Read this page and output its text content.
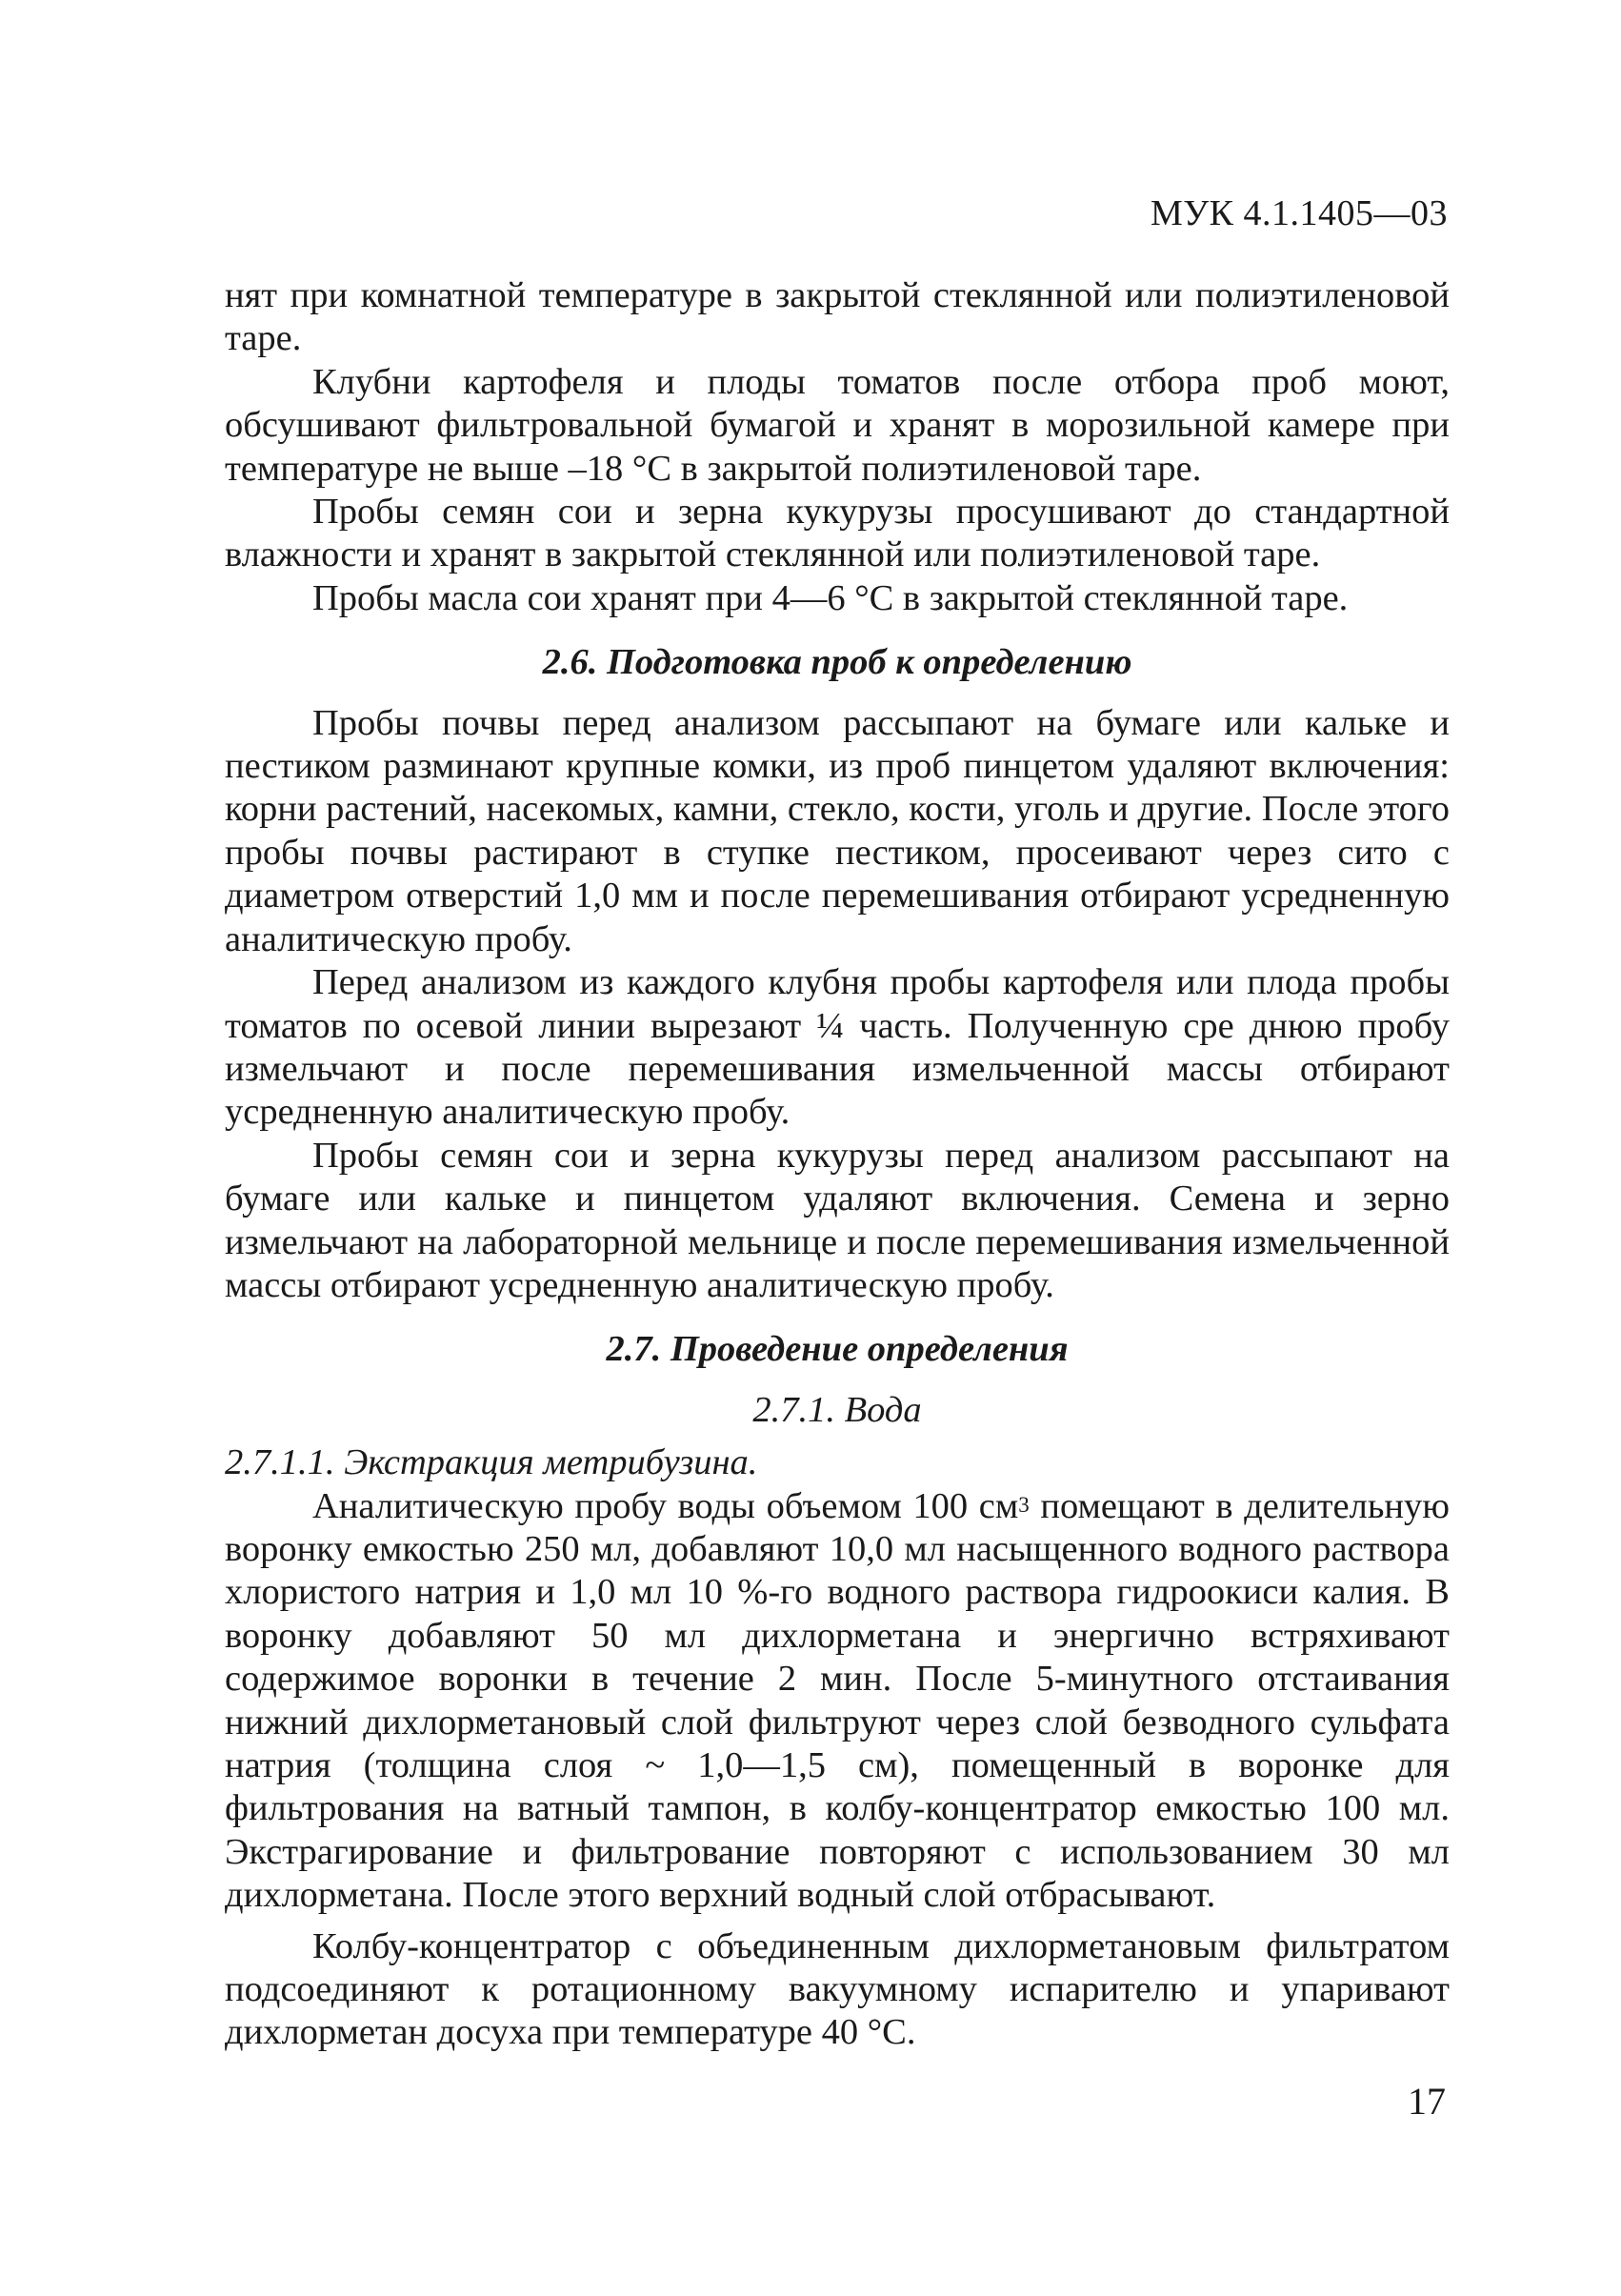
МУК 4.1.1405—03

нят при комнатной температуре в закрытой стеклянной или полиэтиленовой таре.

Клубни картофеля и плоды томатов после отбора проб моют, обсушивают фильтровальной бумагой и хранят в морозильной камере при температуре не выше –18 °С в закрытой полиэтиленовой таре.

Пробы семян сои и зерна кукурузы просушивают до стандартной влажности и хранят в закрытой стеклянной или полиэтиленовой таре.

Пробы масла сои хранят при 4—6 °С в закрытой стеклянной таре.

2.6. Подготовка проб к определению

Пробы почвы перед анализом рассыпают на бумаге или кальке и пестиком разминают крупные комки, из проб пинцетом удаляют включения: корни растений, насекомых, камни, стекло, кости, уголь и другие. После этого пробы почвы растирают в ступке пестиком, просеивают через сито с диаметром отверстий 1,0 мм и после перемешивания отбирают усредненную аналитическую пробу.

Перед анализом из каждого клубня пробы картофеля или плода пробы томатов по осевой линии вырезают ¼ часть. Полученную сре днюю пробу измельчают и после перемешивания измельченной массы отбирают усредненную аналитическую пробу.

Пробы семян сои и зерна кукурузы перед анализом рассыпают на бумаге или кальке и пинцетом удаляют включения. Семена и зерно измельчают на лабораторной мельнице и после перемешивания измельченной массы отбирают усредненную аналитическую пробу.

2.7. Проведение определения
2.7.1. Вода

2.7.1.1. Экстракция метрибузина.

Аналитическую пробу воды объемом 100 $см^3$ помещают в делительную воронку емкостью 250 мл, добавляют 10,0 мл насыщенного водного раствора хлористого натрия и 1,0 мл 10 %-го водного раствора гидроокиси калия. В воронку добавляют 50 мл дихлорметана и энергично встряхивают содержимое воронки в течение 2 мин. После 5-минутного отстаивания нижний дихлорметановый слой фильтруют через слой безводного сульфата натрия (толщина слоя ~ 1,0—1,5 см), помещенный в воронке для фильтрования на ватный тампон, в колбу-концентратор емкостью 100 мл. Экстрагирование и фильтрование повторяют с использованием 30 мл дихлорметана. После этого верхний водный слой отбрасывают.

Колбу-концентратор с объединенным дихлорметановым фильтратом подсоединяют к ротационному вакуумному испарителю и упаривают дихлорметан досуха при температуре 40 °С.

17
